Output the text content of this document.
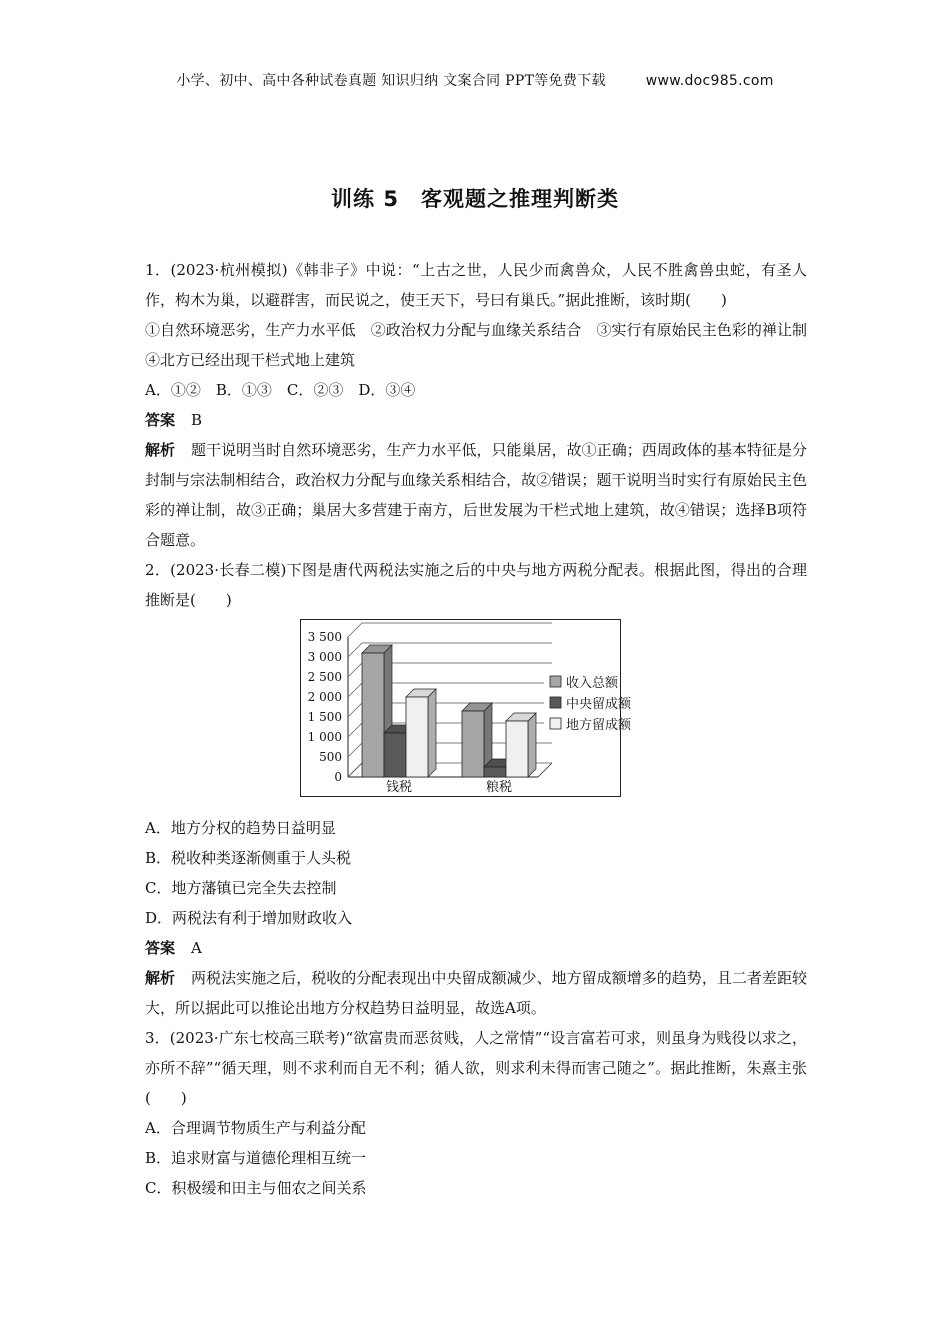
小学、初中、高中各种试卷真题 知识归纳 文案合同 PPT等免费下载	www.doc985.com
训练 5　客观题之推理判断类

1．(2023·杭州模拟)《韩非子》中说：“上古之世，人民少而禽兽众，人民不胜禽兽虫蛇，有圣人作，构木为巢，以避群害，而民说之，使王天下，号曰有巢氏。”据此推断，该时期(　　)

①自然环境恶劣，生产力水平低　②政治权力分配与血缘关系结合　③实行有原始民主色彩的禅让制　④北方已经出现干栏式地上建筑

A．①②　B．①③　C．②③　D．③④

答案 B

解析 题干说明当时自然环境恶劣，生产力水平低，只能巢居，故①正确；西周政体的基本特征是分封制与宗法制相结合，政治权力分配与血缘关系相结合，故②错误；题干说明当时实行有原始民主色彩的禅让制，故③正确；巢居大多营建于南方，后世发展为干栏式地上建筑，故④错误；选择B项符合题意。

2．(2023·长春二模)下图是唐代两税法实施之后的中央与地方两税分配表。根据此图，得出的合理推断是(　　)

3 500
3 000
2 500
2 000
1 500
1 000
500
0
钱税	粮税
收入总额
中央留成额
地方留成额

A．地方分权的趋势日益明显

B．税收种类逐渐侧重于人头税

C．地方藩镇已完全失去控制

D．两税法有利于增加财政收入

答案 A

解析 两税法实施之后，税收的分配表现出中央留成额减少、地方留成额增多的趋势，且二者差距较大，所以据此可以推论出地方分权趋势日益明显，故选A项。

3．(2023·广东七校高三联考)“欲富贵而恶贫贱，人之常情”“设言富若可求，则虽身为贱役以求之，亦所不辞”“循天理，则不求利而自无不利；循人欲，则求利未得而害己随之”。据此推断，朱熹主张(　　)

A．合理调节物质生产与利益分配

B．追求财富与道德伦理相互统一

C．积极缓和田主与佃农之间关系
